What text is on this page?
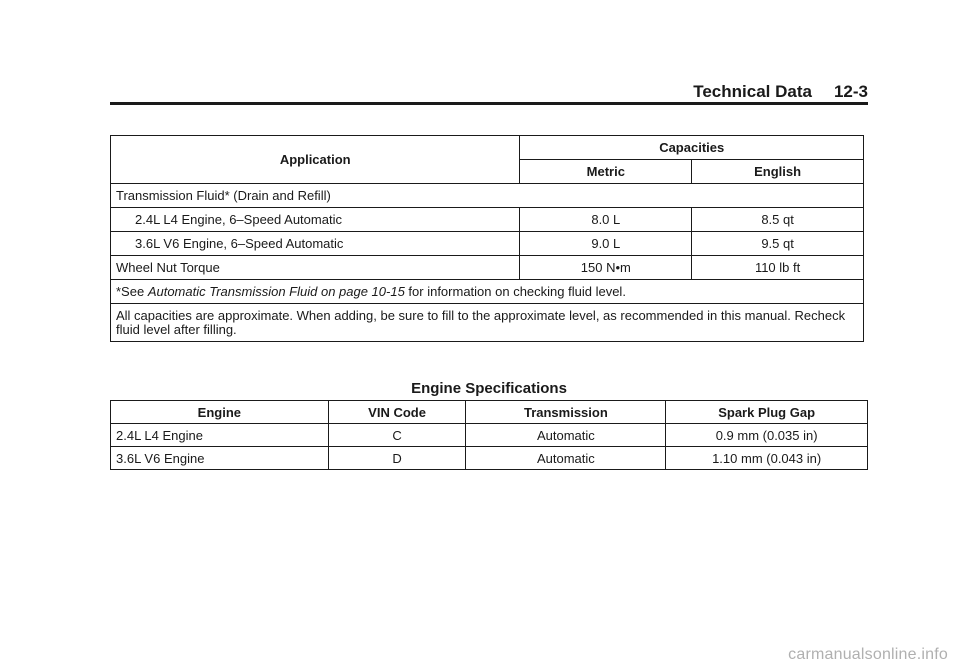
Technical Data 12-3
Application	Capacities	
	Metric	English
Transmission Fluid* (Drain and Refill)		
2.4L L4 Engine, 6–Speed Automatic	8.0 L	8.5 qt
3.6L V6 Engine, 6–Speed Automatic	9.0 L	9.5 qt
Wheel Nut Torque	150 N•m	110 lb ft
*See Automatic Transmission Fluid on page 10-15 for information on checking fluid level.		
All capacities are approximate. When adding, be sure to fill to the approximate level, as recommended in this manual. Recheck fluid level after filling.		
Engine Specifications
Engine	VIN Code	Transmission	Spark Plug Gap
2.4L L4 Engine	C	Automatic	0.9 mm (0.035 in)
3.6L V6 Engine	D	Automatic	1.10 mm (0.043 in)
carmanualsonline.info
